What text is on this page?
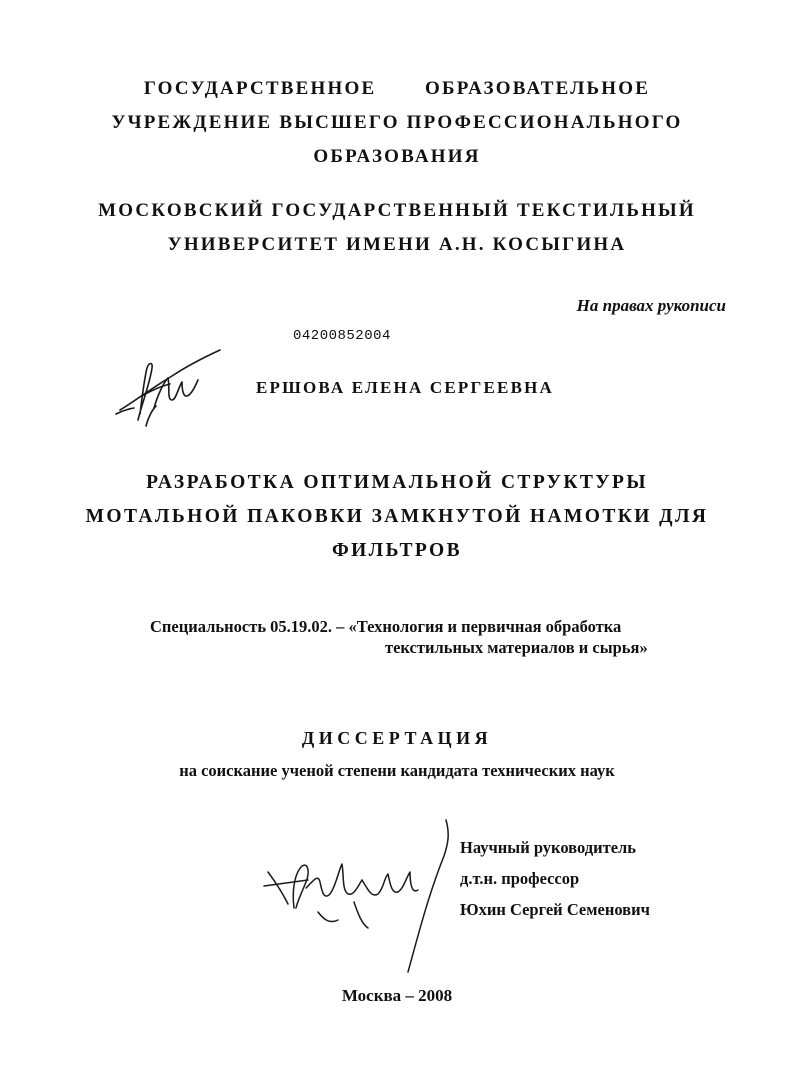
ГОСУДАРСТВЕННОЕ       ОБРАЗОВАТЕЛЬНОЕ
УЧРЕЖДЕНИЕ ВЫСШЕГО ПРОФЕССИОНАЛЬНОГО
ОБРАЗОВАНИЯ
МОСКОВСКИЙ ГОСУДАРСТВЕННЫЙ ТЕКСТИЛЬНЫЙ
УНИВЕРСИТЕТ ИМЕНИ А.Н. КОСЫГИНА
На правах рукописи
04200852004
ЕРШОВА ЕЛЕНА СЕРГЕЕВНА
РАЗРАБОТКА ОПТИМАЛЬНОЙ СТРУКТУРЫ
МОТАЛЬНОЙ ПАКОВКИ ЗАМКНУТОЙ НАМОТКИ ДЛЯ
ФИЛЬТРОВ
Специальность 05.19.02. – «Технология и первичная обработка
текстильных материалов и сырья»
ДИССЕРТАЦИЯ
на соискание ученой степени кандидата технических наук
Научный руководитель
д.т.н. профессор
Юхин Сергей Семенович
Москва – 2008
